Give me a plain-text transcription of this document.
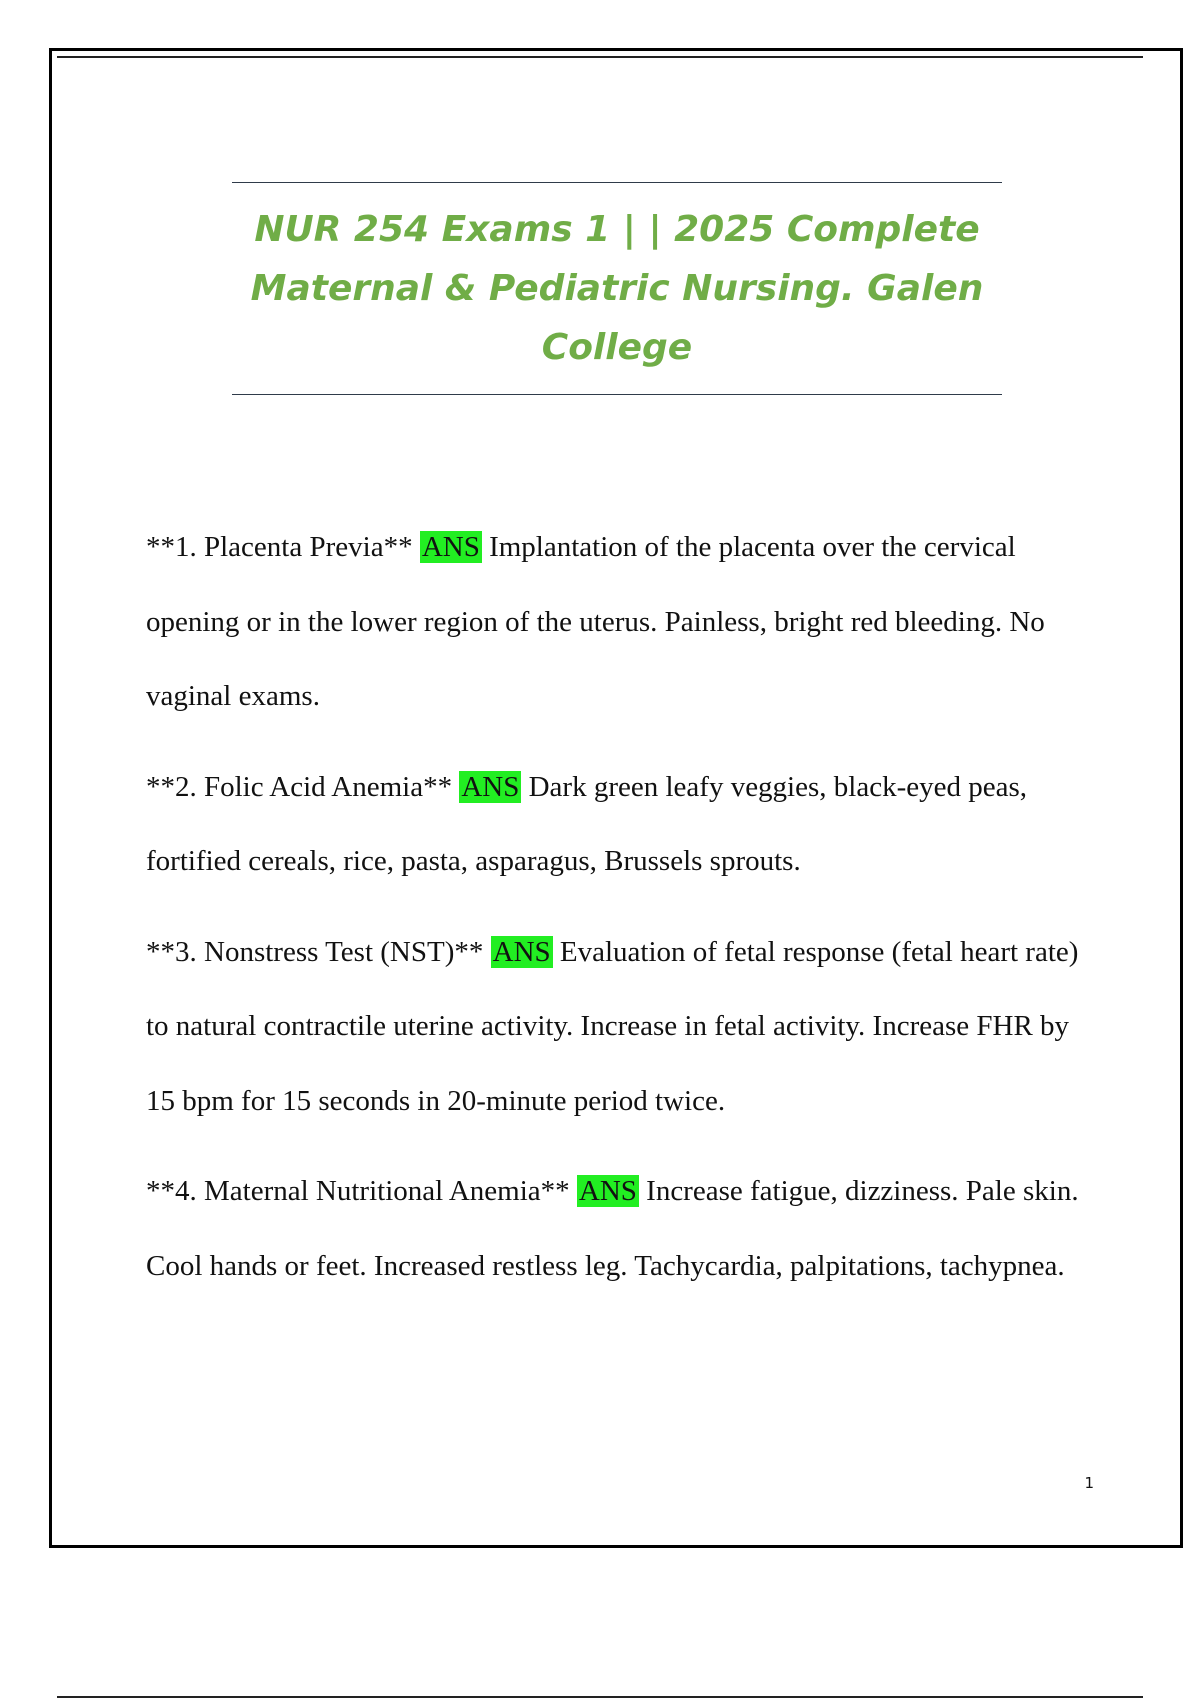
NUR 254 Exams 1 | | 2025 Complete Maternal & Pediatric Nursing. Galen College

**1. Placenta Previa** ANS Implantation of the placenta over the cervical opening or in the lower region of the uterus. Painless, bright red bleeding. No vaginal exams.

**2. Folic Acid Anemia** ANS Dark green leafy veggies, black-eyed peas, fortified cereals, rice, pasta, asparagus, Brussels sprouts.

**3. Nonstress Test (NST)** ANS Evaluation of fetal response (fetal heart rate) to natural contractile uterine activity. Increase in fetal activity. Increase FHR by 15 bpm for 15 seconds in 20-minute period twice.

**4. Maternal Nutritional Anemia** ANS Increase fatigue, dizziness. Pale skin. Cool hands or feet. Increased restless leg. Tachycardia, palpitations, tachypnea.

1
